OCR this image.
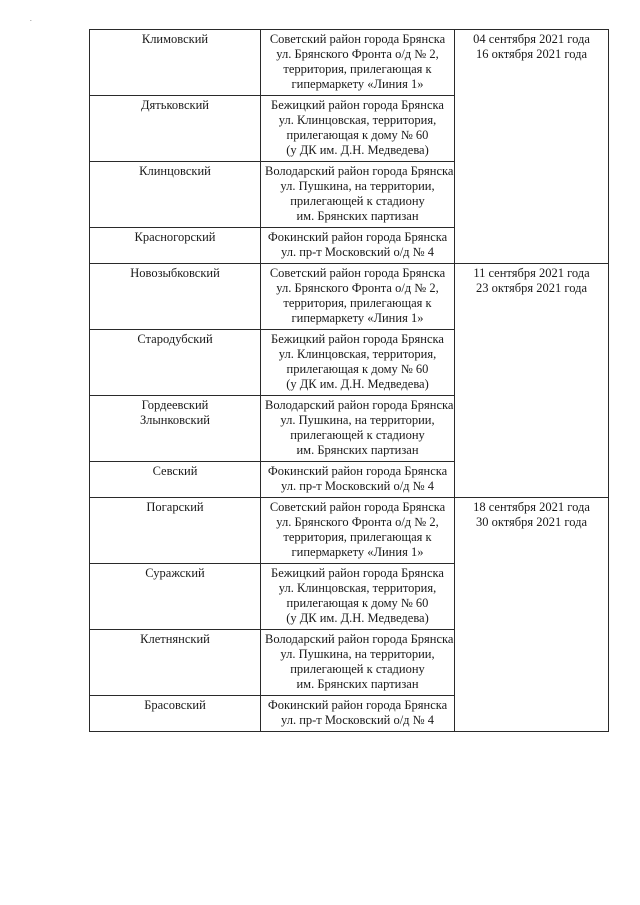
.
Климовский	Советский район города Брянска
ул. Брянского Фронта о/д № 2,
территория, прилегающая к
гипермаркету «Линия 1»	04 сентября 2021 года
16 октября 2021 года

Дятьковский	Бежицкий район города Брянска
ул. Клинцовская, территория,
прилегающая к дому № 60
(у ДК им. Д.Н. Медведева)	

Клинцовский	Володарский район города Брянска
ул. Пушкина, на территории,
прилегающей к стадиону
им. Брянских партизан	

Красногорский	Фокинский район города Брянска
ул. пр-т Московский о/д № 4	

Новозыбковский	Советский район города Брянска
ул. Брянского Фронта о/д № 2,
территория, прилегающая к
гипермаркету «Линия 1»	11 сентября 2021 года
23 октября 2021 года

Стародубский	Бежицкий район города Брянска
ул. Клинцовская, территория,
прилегающая к дому № 60
(у ДК им. Д.Н. Медведева)	

Гордеевский
Злынковский	Володарский район города Брянска
ул. Пушкина, на территории,
прилегающей к стадиону
им. Брянских партизан	

Севский	Фокинский район города Брянска
ул. пр-т Московский о/д № 4	

Погарский	Советский район города Брянска
ул. Брянского Фронта о/д № 2,
территория, прилегающая к
гипермаркету «Линия 1»	18 сентября 2021 года
30 октября 2021 года

Суражский	Бежицкий район города Брянска
ул. Клинцовская, территория,
прилегающая к дому № 60
(у ДК им. Д.Н. Медведева)	

Клетнянский	Володарский район города Брянска
ул. Пушкина, на территории,
прилегающей к стадиону
им. Брянских партизан	

Брасовский	Фокинский район города Брянска
ул. пр-т Московский о/д № 4	
